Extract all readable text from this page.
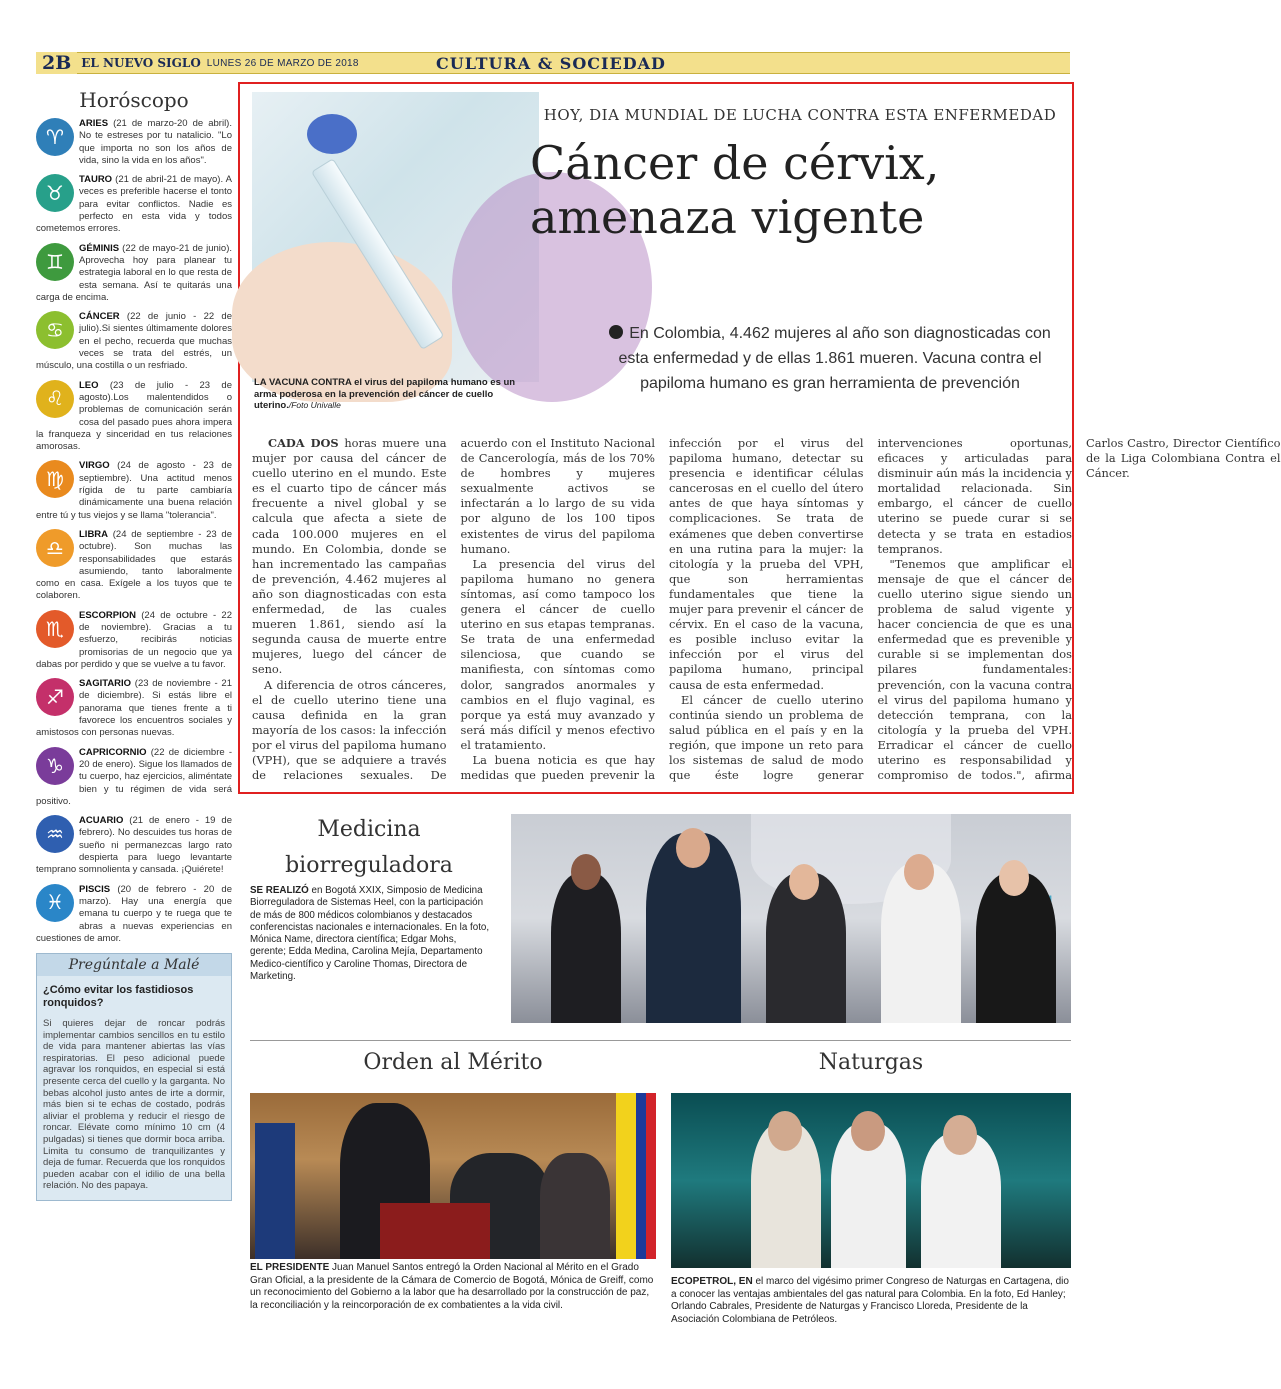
2B EL NUEVO SIGLO LUNES 26 DE MARZO DE 2018	CULTURA & SOCIEDAD
Horóscopo
♈
ARIES (21 de marzo-20 de abril). No te estreses por tu natalicio. "Lo que importa no son los años de vida, sino la vida en los años".
♉
TAURO (21 de abril-21 de mayo). A veces es preferible hacerse el tonto para evitar conflictos. Nadie es perfecto en esta vida y todos cometemos errores.
♊
GÉMINIS (22 de mayo-21 de junio). Aprovecha hoy para planear tu estrategia laboral en lo que resta de esta semana. Así te quitarás una carga de encima.
♋
CÁNCER (22 de junio - 22 de julio).Si sientes últimamente dolores en el pecho, recuerda que muchas veces se trata del estrés, un músculo, una costilla o un resfriado.
♌
LEO (23 de julio - 23 de agosto).Los malentendidos o problemas de comunicación serán cosa del pasado pues ahora impera la franqueza y sinceridad en tus relaciones amorosas.
♍
VIRGO (24 de agosto - 23 de septiembre). Una actitud menos rígida de tu parte cambiaría dinámicamente una buena relación entre tú y tus viejos y se llama "tolerancia".
♎
LIBRA (24 de septiembre - 23 de octubre). Son muchas las responsabilidades que estarás asumiendo, tanto laboralmente como en casa. Exígele a los tuyos que te colaboren.
♏
ESCORPION (24 de octubre - 22 de noviembre). Gracias a tu esfuerzo, recibirás noticias promisorias de un negocio que ya dabas por perdido y que se vuelve a tu favor.
♐
SAGITARIO (23 de noviembre - 21 de diciembre). Si estás libre el panorama que tienes frente a ti favorece los encuentros sociales y amistosos con personas nuevas.
♑
CAPRICORNIO (22 de diciembre - 20 de enero). Sigue los llamados de tu cuerpo, haz ejercicios, aliméntate bien y tu régimen de vida será positivo.
♒
ACUARIO (21 de enero - 19 de febrero). No descuides tus horas de sueño ni permanezcas largo rato despierta para luego levantarte temprano somnolienta y cansada. ¡Quiérete!
♓
PISCIS (20 de febrero - 20 de marzo). Hay una energía que emana tu cuerpo y te ruega que te abras a nuevas experiencias en cuestiones de amor.
Pregúntale a Malé
¿Cómo evitar los fastidiosos ronquidos?
Si quieres dejar de roncar podrás implementar cambios sencillos en tu estilo de vida para mantener abiertas las vías respiratorias. El peso adicional puede agravar los ronquidos, en especial si está presente cerca del cuello y la garganta. No bebas alcohol justo antes de irte a dormir, más bien si te echas de costado, podrás aliviar el problema y reducir el riesgo de roncar. Elévate como mínimo 10 cm (4 pulgadas) si tienes que dormir boca arriba. Limita tu consumo de tranquilizantes y deja de fumar. Recuerda que los ronquidos pueden acabar con el idilio de una bella relación. No des papaya.
LA VACUNA CONTRA el virus del papiloma humano es un arma poderosa en la prevención del cáncer de cuello uterino./Foto Univalle
HOY, DIA MUNDIAL DE LUCHA CONTRA ESTA ENFERMEDAD
Cáncer de cérvix, amenaza vigente
En Colombia, 4.462 mujeres al año son diagnosticadas con esta enfermedad y de ellas 1.861 mueren. Vacuna contra el papiloma humano es gran herramienta de prevención

CADA DOS horas muere una mujer por causa del cáncer de cuello uterino en el mundo. Este es el cuarto tipo de cáncer más frecuente a nivel global y se calcula que afecta a siete de cada 100.000 mujeres en el mundo. En Colombia, donde se han incrementado las campañas de prevención, 4.462 mujeres al año son diagnosticadas con esta enfermedad, de las cuales mueren 1.861, siendo así la segunda causa de muerte entre mujeres, luego del cáncer de seno.

A diferencia de otros cánceres, el de cuello uterino tiene una causa definida en la gran mayoría de los casos: la infección por el virus del papiloma humano (VPH), que se adquiere a través de relaciones sexuales. De acuerdo con el Instituto Nacional de Cancerología, más de los 70% de hombres y mujeres sexualmente activos se infectarán a lo largo de su vida por alguno de los 100 tipos existentes de virus del papiloma humano.

La presencia del virus del papiloma humano no genera síntomas, así como tampoco los genera el cáncer de cuello uterino en sus etapas tempranas. Se trata de una enfermedad silenciosa, que cuando se manifiesta, con síntomas como dolor, sangrados anormales y cambios en el flujo vaginal, es porque ya está muy avanzado y será más difícil y menos efectivo el tratamiento.

La buena noticia es que hay medidas que pueden prevenir la infección por el virus del papiloma humano, detectar su presencia e identificar células cancerosas en el cuello del útero antes de que haya síntomas y complicaciones. Se trata de exámenes que deben convertirse en una rutina para la mujer: la citología y la prueba del VPH, que son herramientas fundamentales que tiene la mujer para prevenir el cáncer de cérvix. En el caso de la vacuna, es posible incluso evitar la infección por el virus del papiloma humano, principal causa de esta enfermedad.

El cáncer de cuello uterino continúa siendo un problema de salud pública en el país y en la región, que impone un reto para los sistemas de salud de modo que éste logre generar intervenciones oportunas, eficaces y articuladas para disminuir aún más la incidencia y mortalidad relacionada. Sin embargo, el cáncer de cuello uterino se puede curar si se detecta y se trata en estadios tempranos.

"Tenemos que amplificar el mensaje de que el cáncer de cuello uterino sigue siendo un problema de salud vigente y hacer conciencia de que es una enfermedad que es prevenible y curable si se implementan dos pilares fundamentales: prevención, con la vacuna contra el virus del papiloma humano y detección temprana, con la citología y la prueba del VPH. Erradicar el cáncer de cuello uterino es responsabilidad y compromiso de todos.", afirma Carlos Castro, Director Científico de la Liga Colombiana Contra el Cáncer.

Medicina biorreguladora
SE REALIZÓ en Bogotá XXIX, Simposio de Medicina Biorreguladora de Sistemas Heel, con la participación de más de 800 médicos colombianos y destacados conferencistas nacionales e internacionales. En la foto, Mónica Name, directora científica; Edgar Mohs, gerente; Edda Medina, Carolina Mejía, Departamento Medico-científico y Caroline Thomas, Directora de Marketing.
Orden al Mérito
EL PRESIDENTE Juan Manuel Santos entregó la Orden Nacional al Mérito en el Grado Gran Oficial, a la presidente de la Cámara de Comercio de Bogotá, Mónica de Greiff, como un reconocimiento del Gobierno a la labor que ha desarrollado por la construcción de paz, la reconciliación y la reincorporación de ex combatientes a la vida civil.
Naturgas
ECOPETROL, EN el marco del vigésimo primer Congreso de Naturgas en Cartagena, dio a conocer las ventajas ambientales del gas natural para Colombia. En la foto, Ed Hanley; Orlando Cabrales, Presidente de Naturgas y Francisco Lloreda, Presidente de la Asociación Colombiana de Petróleos.
